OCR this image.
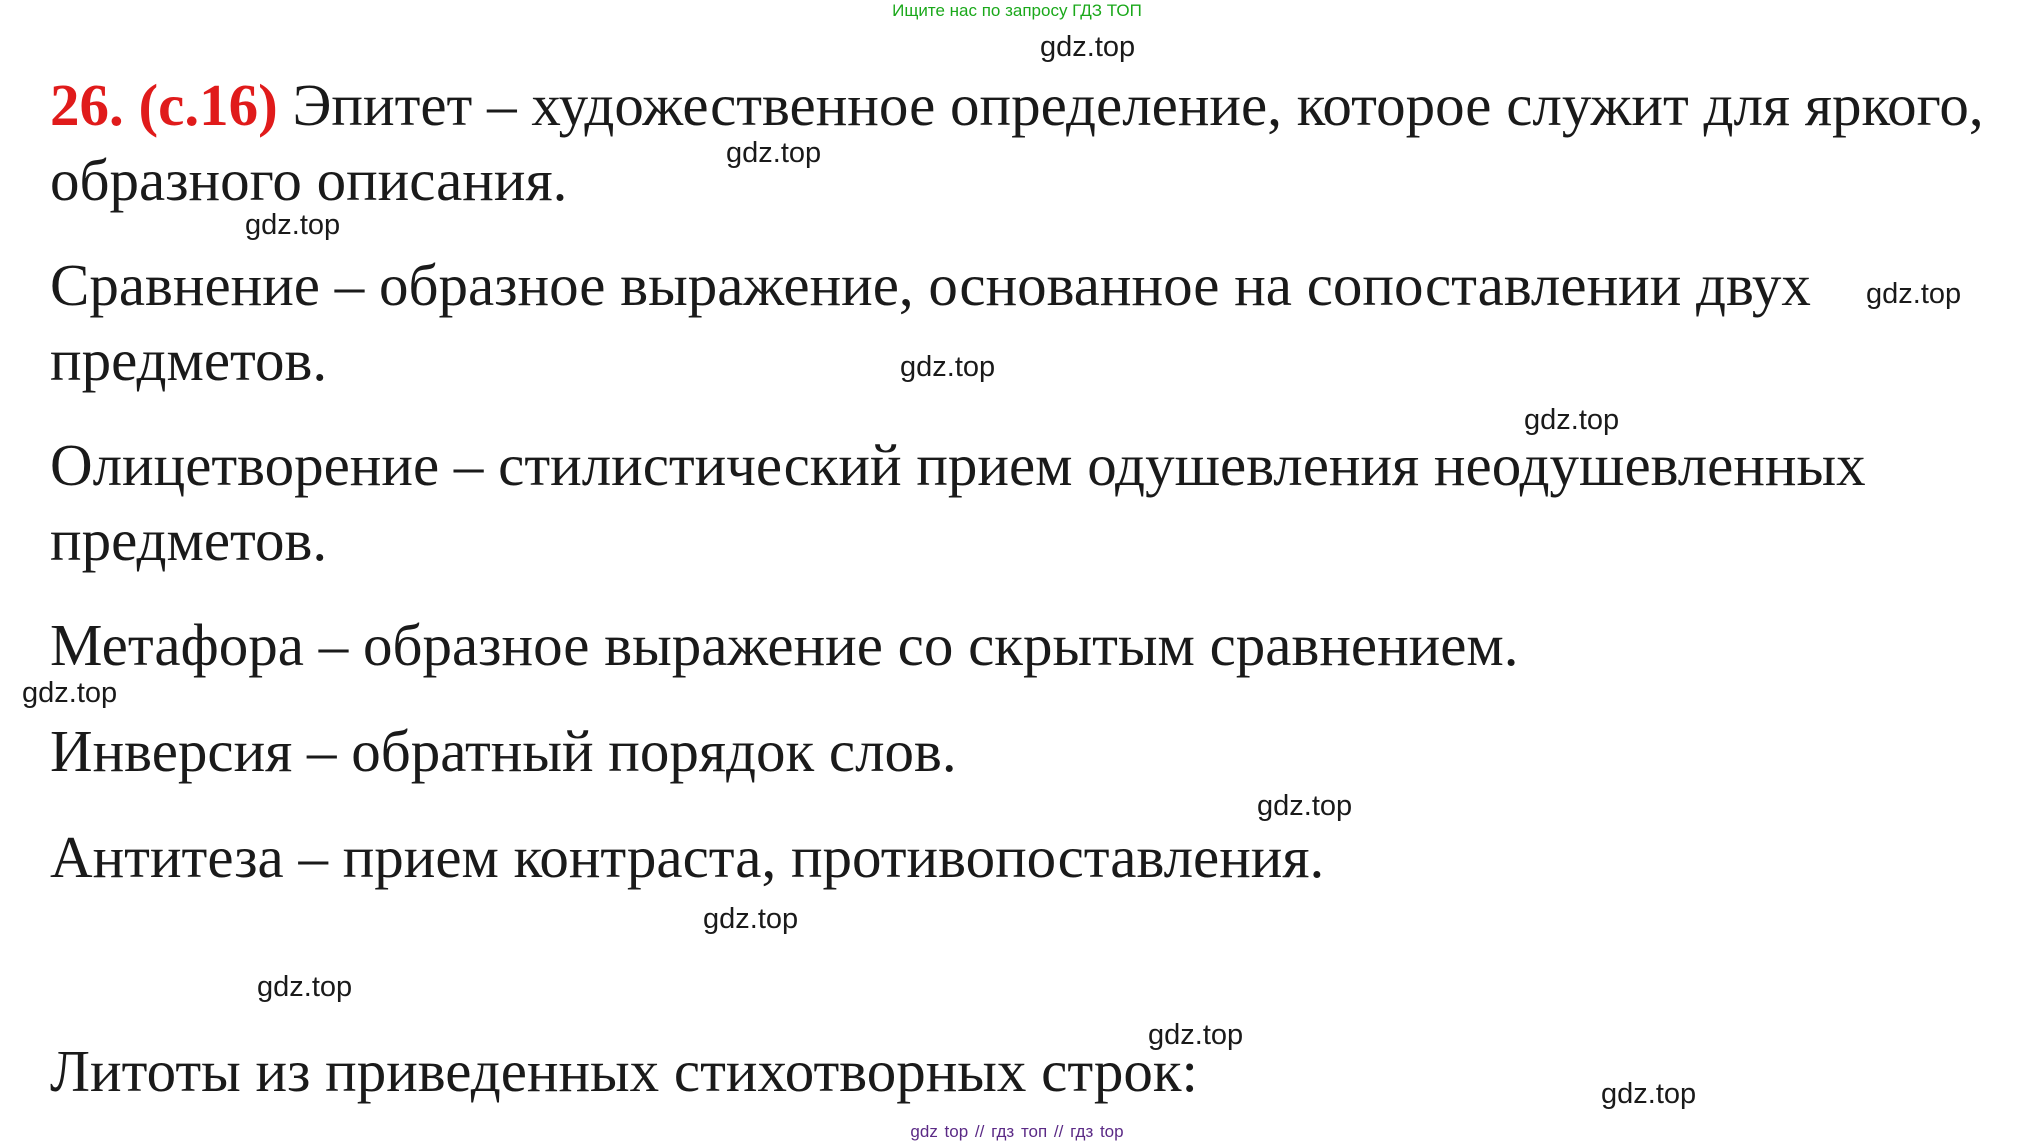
Ищите нас по запросу ГДЗ ТОП
26. (с.16) Эпитет – художественное определение, которое служит для яркого,
образного описания.
Сравнение – образное выражение, основанное на сопоставлении двух
предметов.
Олицетворение – стилистический прием одушевления неодушевленных
предметов.
Метафора – образное выражение со скрытым сравнением.
Инверсия – обратный порядок слов.
Антитеза – прием контраста, противопоставления.
Литоты из приведенных стихотворных строк:
gdz.top
gdz.top
gdz.top
gdz.top
gdz.top
gdz.top
gdz.top
gdz.top
gdz.top
gdz.top
gdz.top
gdz.top
gdz top // гдз топ // гдз top
